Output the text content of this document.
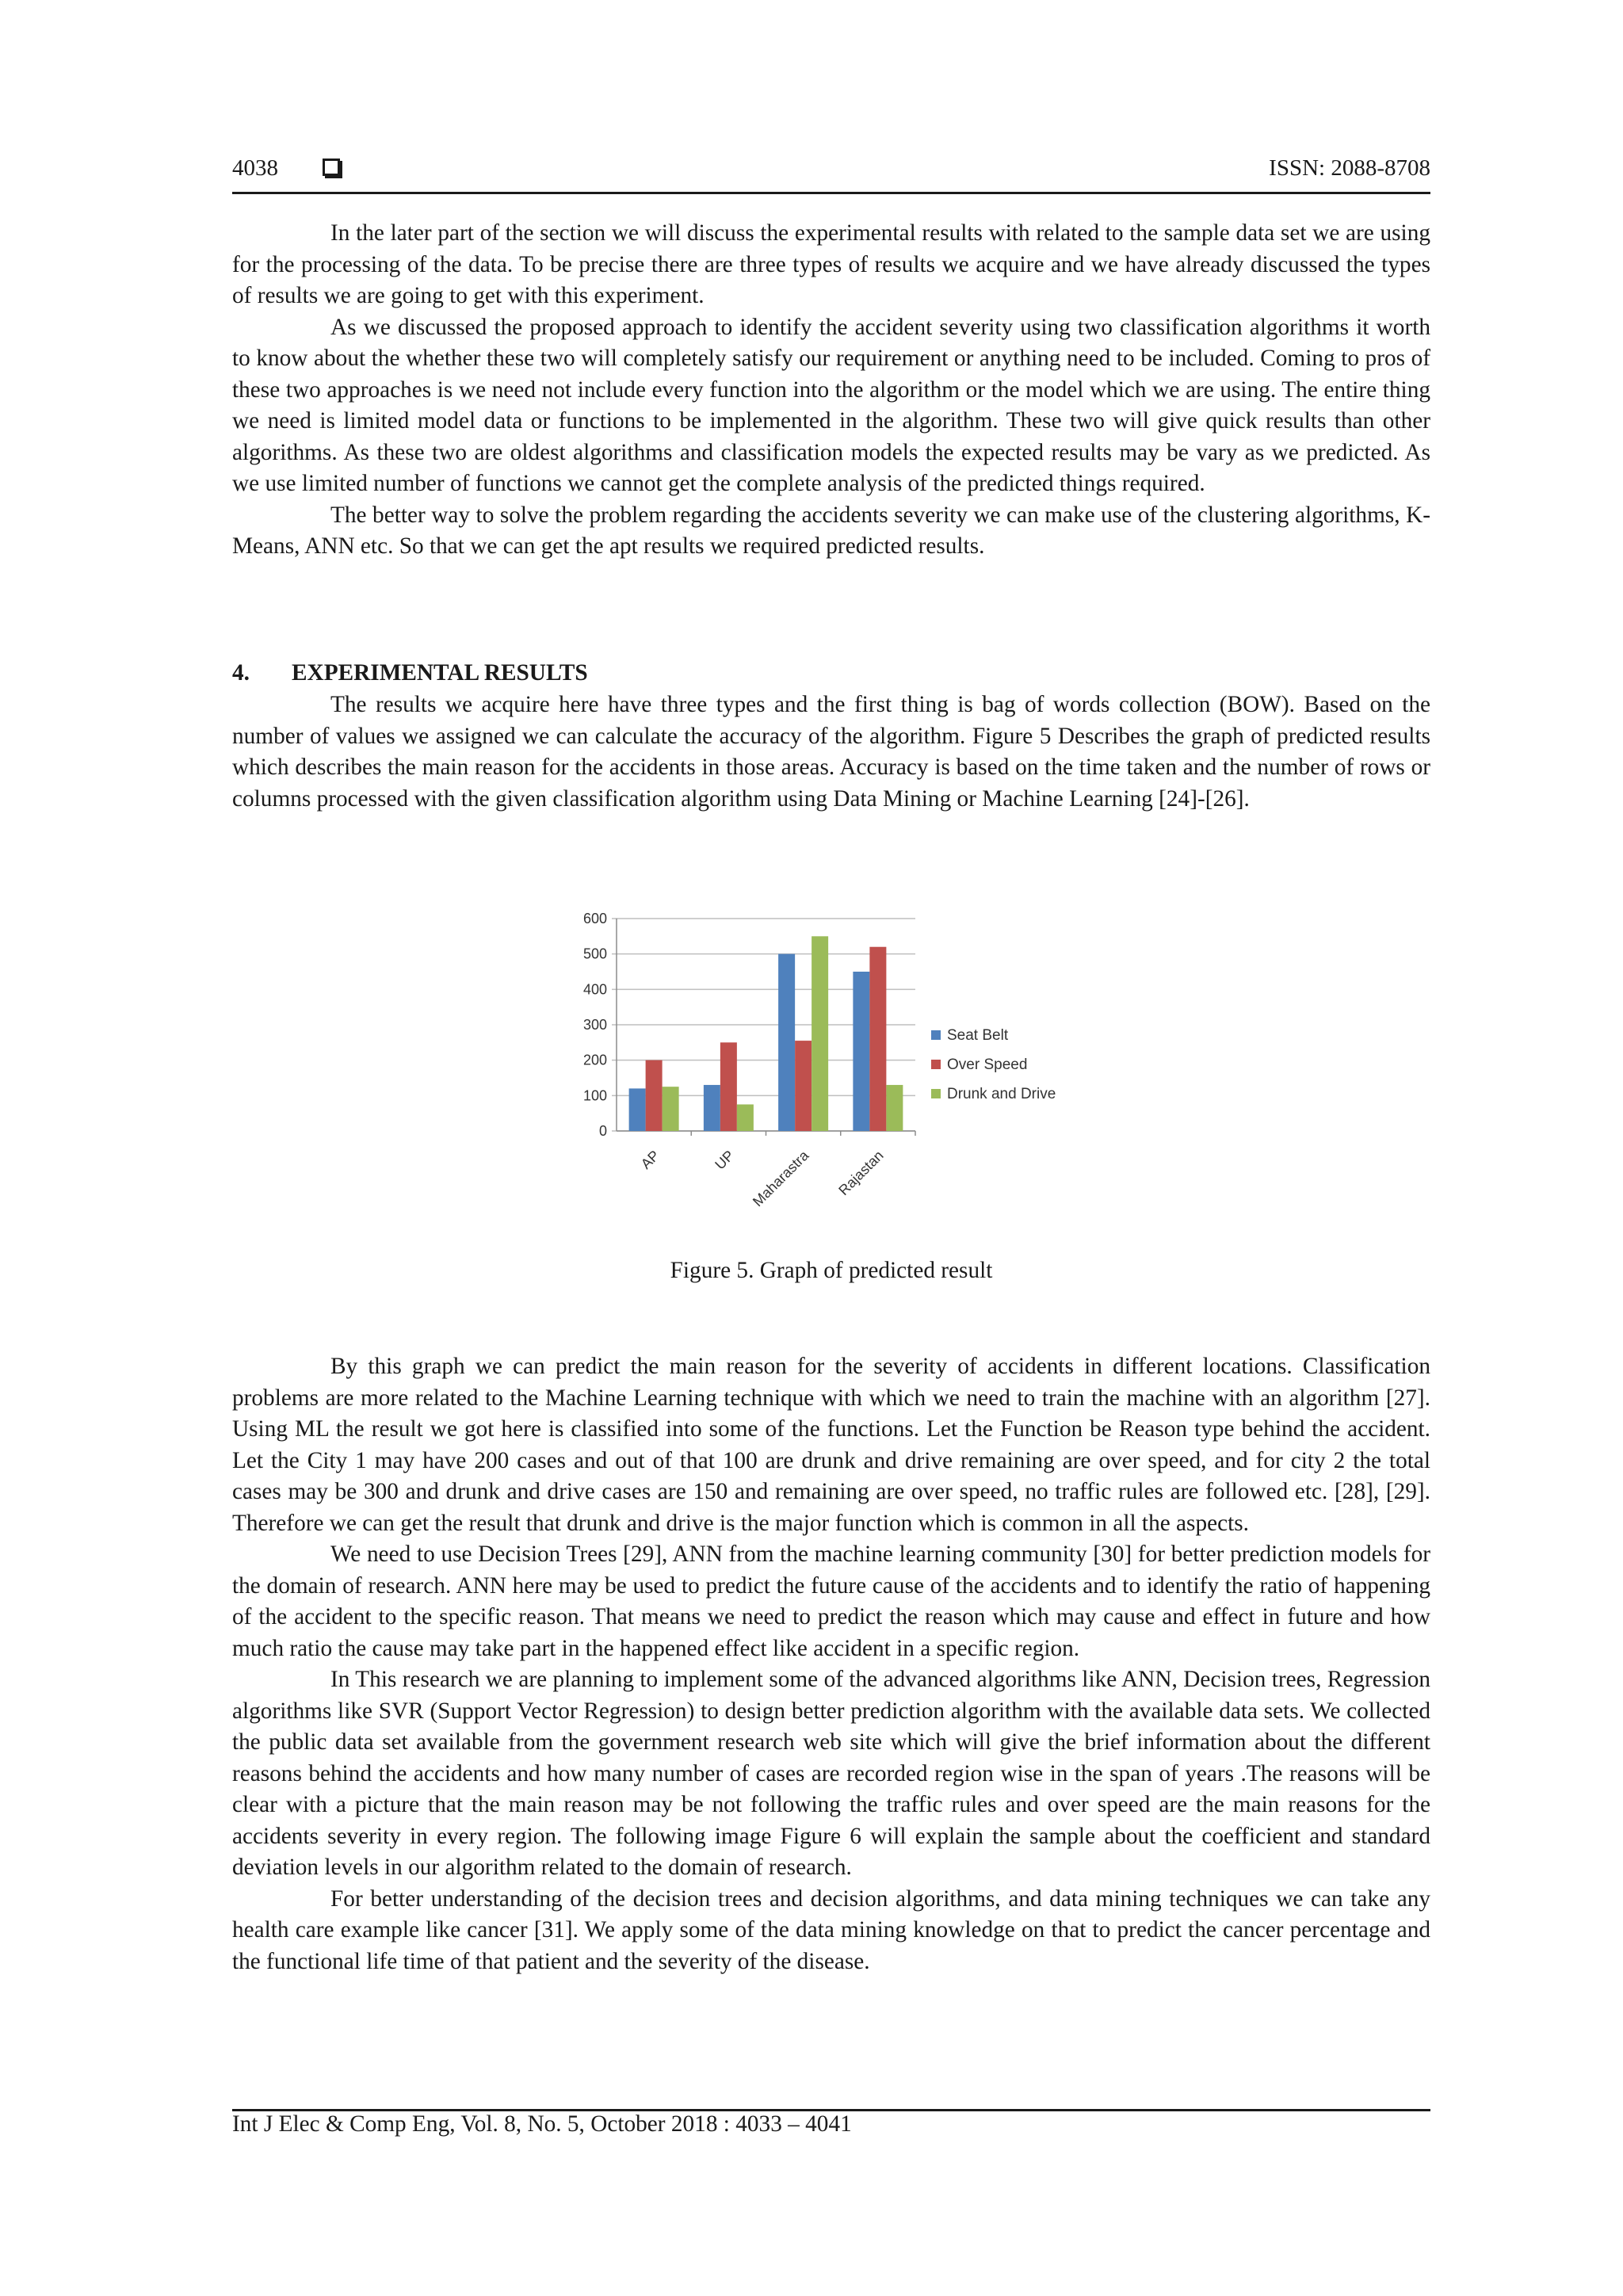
4038	ISSN: 2088-8708

In the later part of the section we will discuss the experimental results with related to the sample data set we are using for the processing of the data. To be precise there are three types of results we acquire and we have already discussed the types of results we are going to get with this experiment.

As we discussed the proposed approach to identify the accident severity using two classification algorithms it worth to know about the whether these two will completely satisfy our requirement or anything need to be included. Coming to pros of these two approaches is we need not include every function into the algorithm or the model which we are using. The entire thing we need is limited model data or functions to be implemented in the algorithm. These two will give quick results than other algorithms. As these two are oldest algorithms and classification models the expected results may be vary as we predicted. As we use limited number of functions we cannot get the complete analysis of the predicted things required.

The better way to solve the problem regarding the accidents severity we can make use of the clustering algorithms, K-Means, ANN etc. So that we can get the apt results we required predicted results.

4. EXPERIMENTAL RESULTS

The results we acquire here have three types and the first thing is bag of words collection (BOW). Based on the number of values we assigned we can calculate the accuracy of the algorithm. Figure 5 Describes the graph of predicted results which describes the main reason for the accidents in those areas. Accuracy is based on the time taken and the number of rows or columns processed with the given classification algorithm using Data Mining or Machine Learning [24]-[26].

0
100
200
300
400
500
600
AP	UP Maharastra Rajastan
Seat Belt
Over Speed
Drunk and Drive
Figure 5. Graph of predicted result

By this graph we can predict the main reason for the severity of accidents in different locations. Classification problems are more related to the Machine Learning technique with which we need to train the machine with an algorithm [27]. Using ML the result we got here is classified into some of the functions. Let the Function be Reason type behind the accident. Let the City 1 may have 200 cases and out of that 100 are drunk and drive remaining are over speed, and for city 2 the total cases may be 300 and drunk and drive cases are 150 and remaining are over speed, no traffic rules are followed etc. [28], [29]. Therefore we can get the result that drunk and drive is the major function which is common in all the aspects.

We need to use Decision Trees [29], ANN from the machine learning community [30] for better prediction models for the domain of research. ANN here may be used to predict the future cause of the accidents and to identify the ratio of happening of the accident to the specific reason. That means we need to predict the reason which may cause and effect in future and how much ratio the cause may take part in the happened effect like accident in a specific region.

In This research we are planning to implement some of the advanced algorithms like ANN, Decision trees, Regression algorithms like SVR (Support Vector Regression) to design better prediction algorithm with the available data sets. We collected the public data set available from the government research web site which will give the brief information about the different reasons behind the accidents and how many number of cases are recorded region wise in the span of years .The reasons will be clear with a picture that the main reason may be not following the traffic rules and over speed are the main reasons for the accidents severity in every region. The following image Figure 6 will explain the sample about the coefficient and standard deviation levels in our algorithm related to the domain of research.

For better understanding of the decision trees and decision algorithms, and data mining techniques we can take any health care example like cancer [31]. We apply some of the data mining knowledge on that to predict the cancer percentage and the functional life time of that patient and the severity of the disease.

Int J Elec & Comp Eng, Vol. 8, No. 5, October 2018 : 4033 – 4041
